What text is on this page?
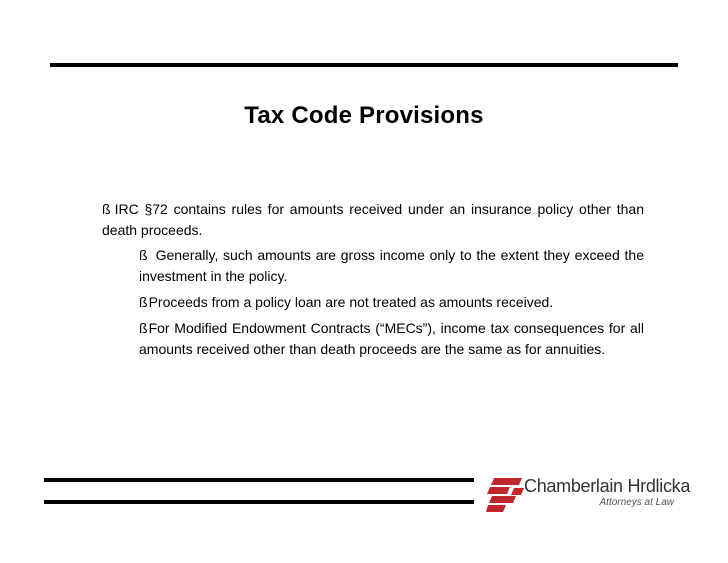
Tax Code Provisions
ß IRC §72 contains rules for amounts received under an insurance policy other than death proceeds.
ß Generally, such amounts are gross income only to the extent they exceed the investment in the policy.
ßProceeds from a policy loan are not treated as amounts received.
ßFor Modified Endowment Contracts (“MECs”), income tax consequences for all amounts received other than death proceeds are the same as for annuities.
Chamberlain Hrdlicka
Attorneys at Law
